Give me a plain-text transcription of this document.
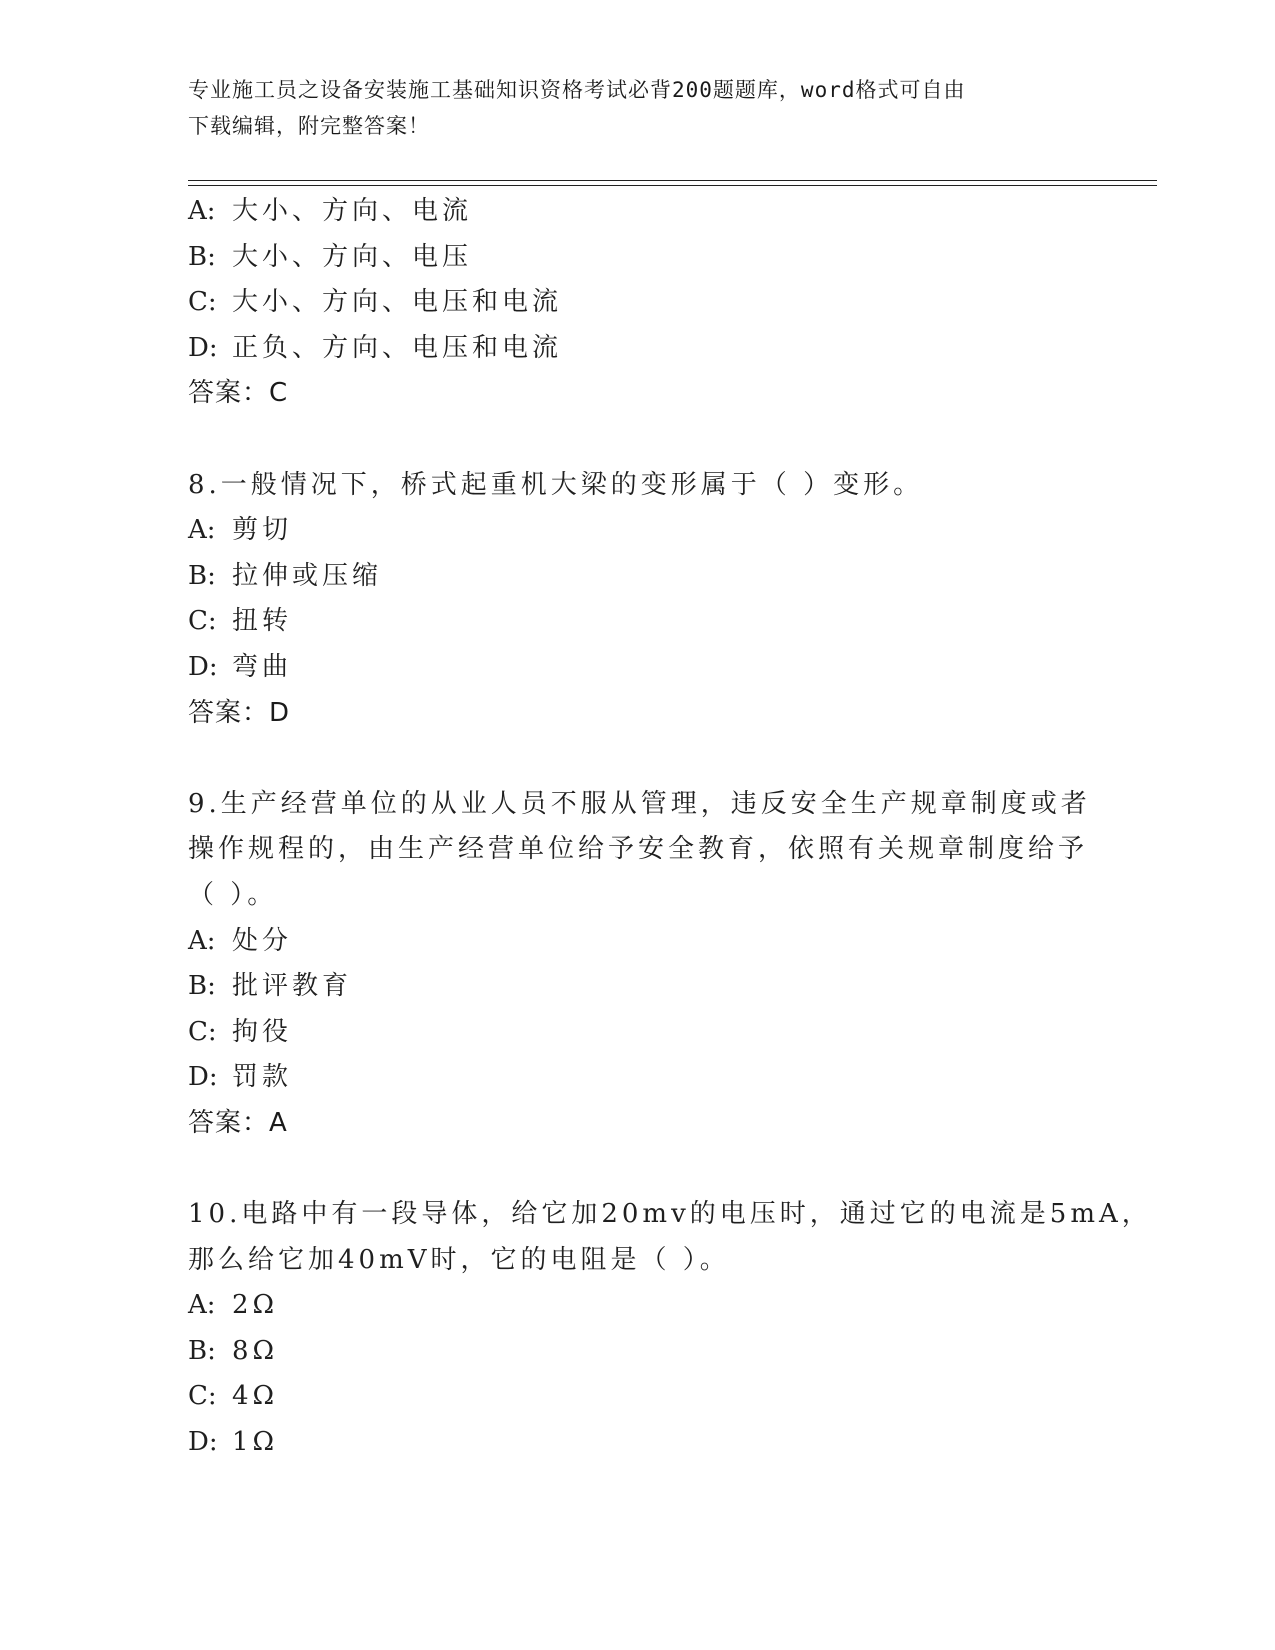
专业施工员之设备安装施工基础知识资格考试必背200题题库，word格式可自由
下载编辑，附完整答案！
A: 大小、方向、电流
B: 大小、方向、电压
C: 大小、方向、电压和电流
D: 正负、方向、电压和电流
答案：C
8.一般情况下，桥式起重机大梁的变形属于（ ）变形。
A: 剪切
B: 拉伸或压缩
C: 扭转
D: 弯曲
答案：D
9.生产经营单位的从业人员不服从管理，违反安全生产规章制度或者
操作规程的，由生产经营单位给予安全教育，依照有关规章制度给予
（ ）。
A: 处分
B: 批评教育
C: 拘役
D: 罚款
答案：A
10.电路中有一段导体，给它加20mv的电压时，通过它的电流是5mA，
那么给它加40mV时，它的电阻是（ ）。
A: 2Ω
B: 8Ω
C: 4Ω
D: 1Ω
